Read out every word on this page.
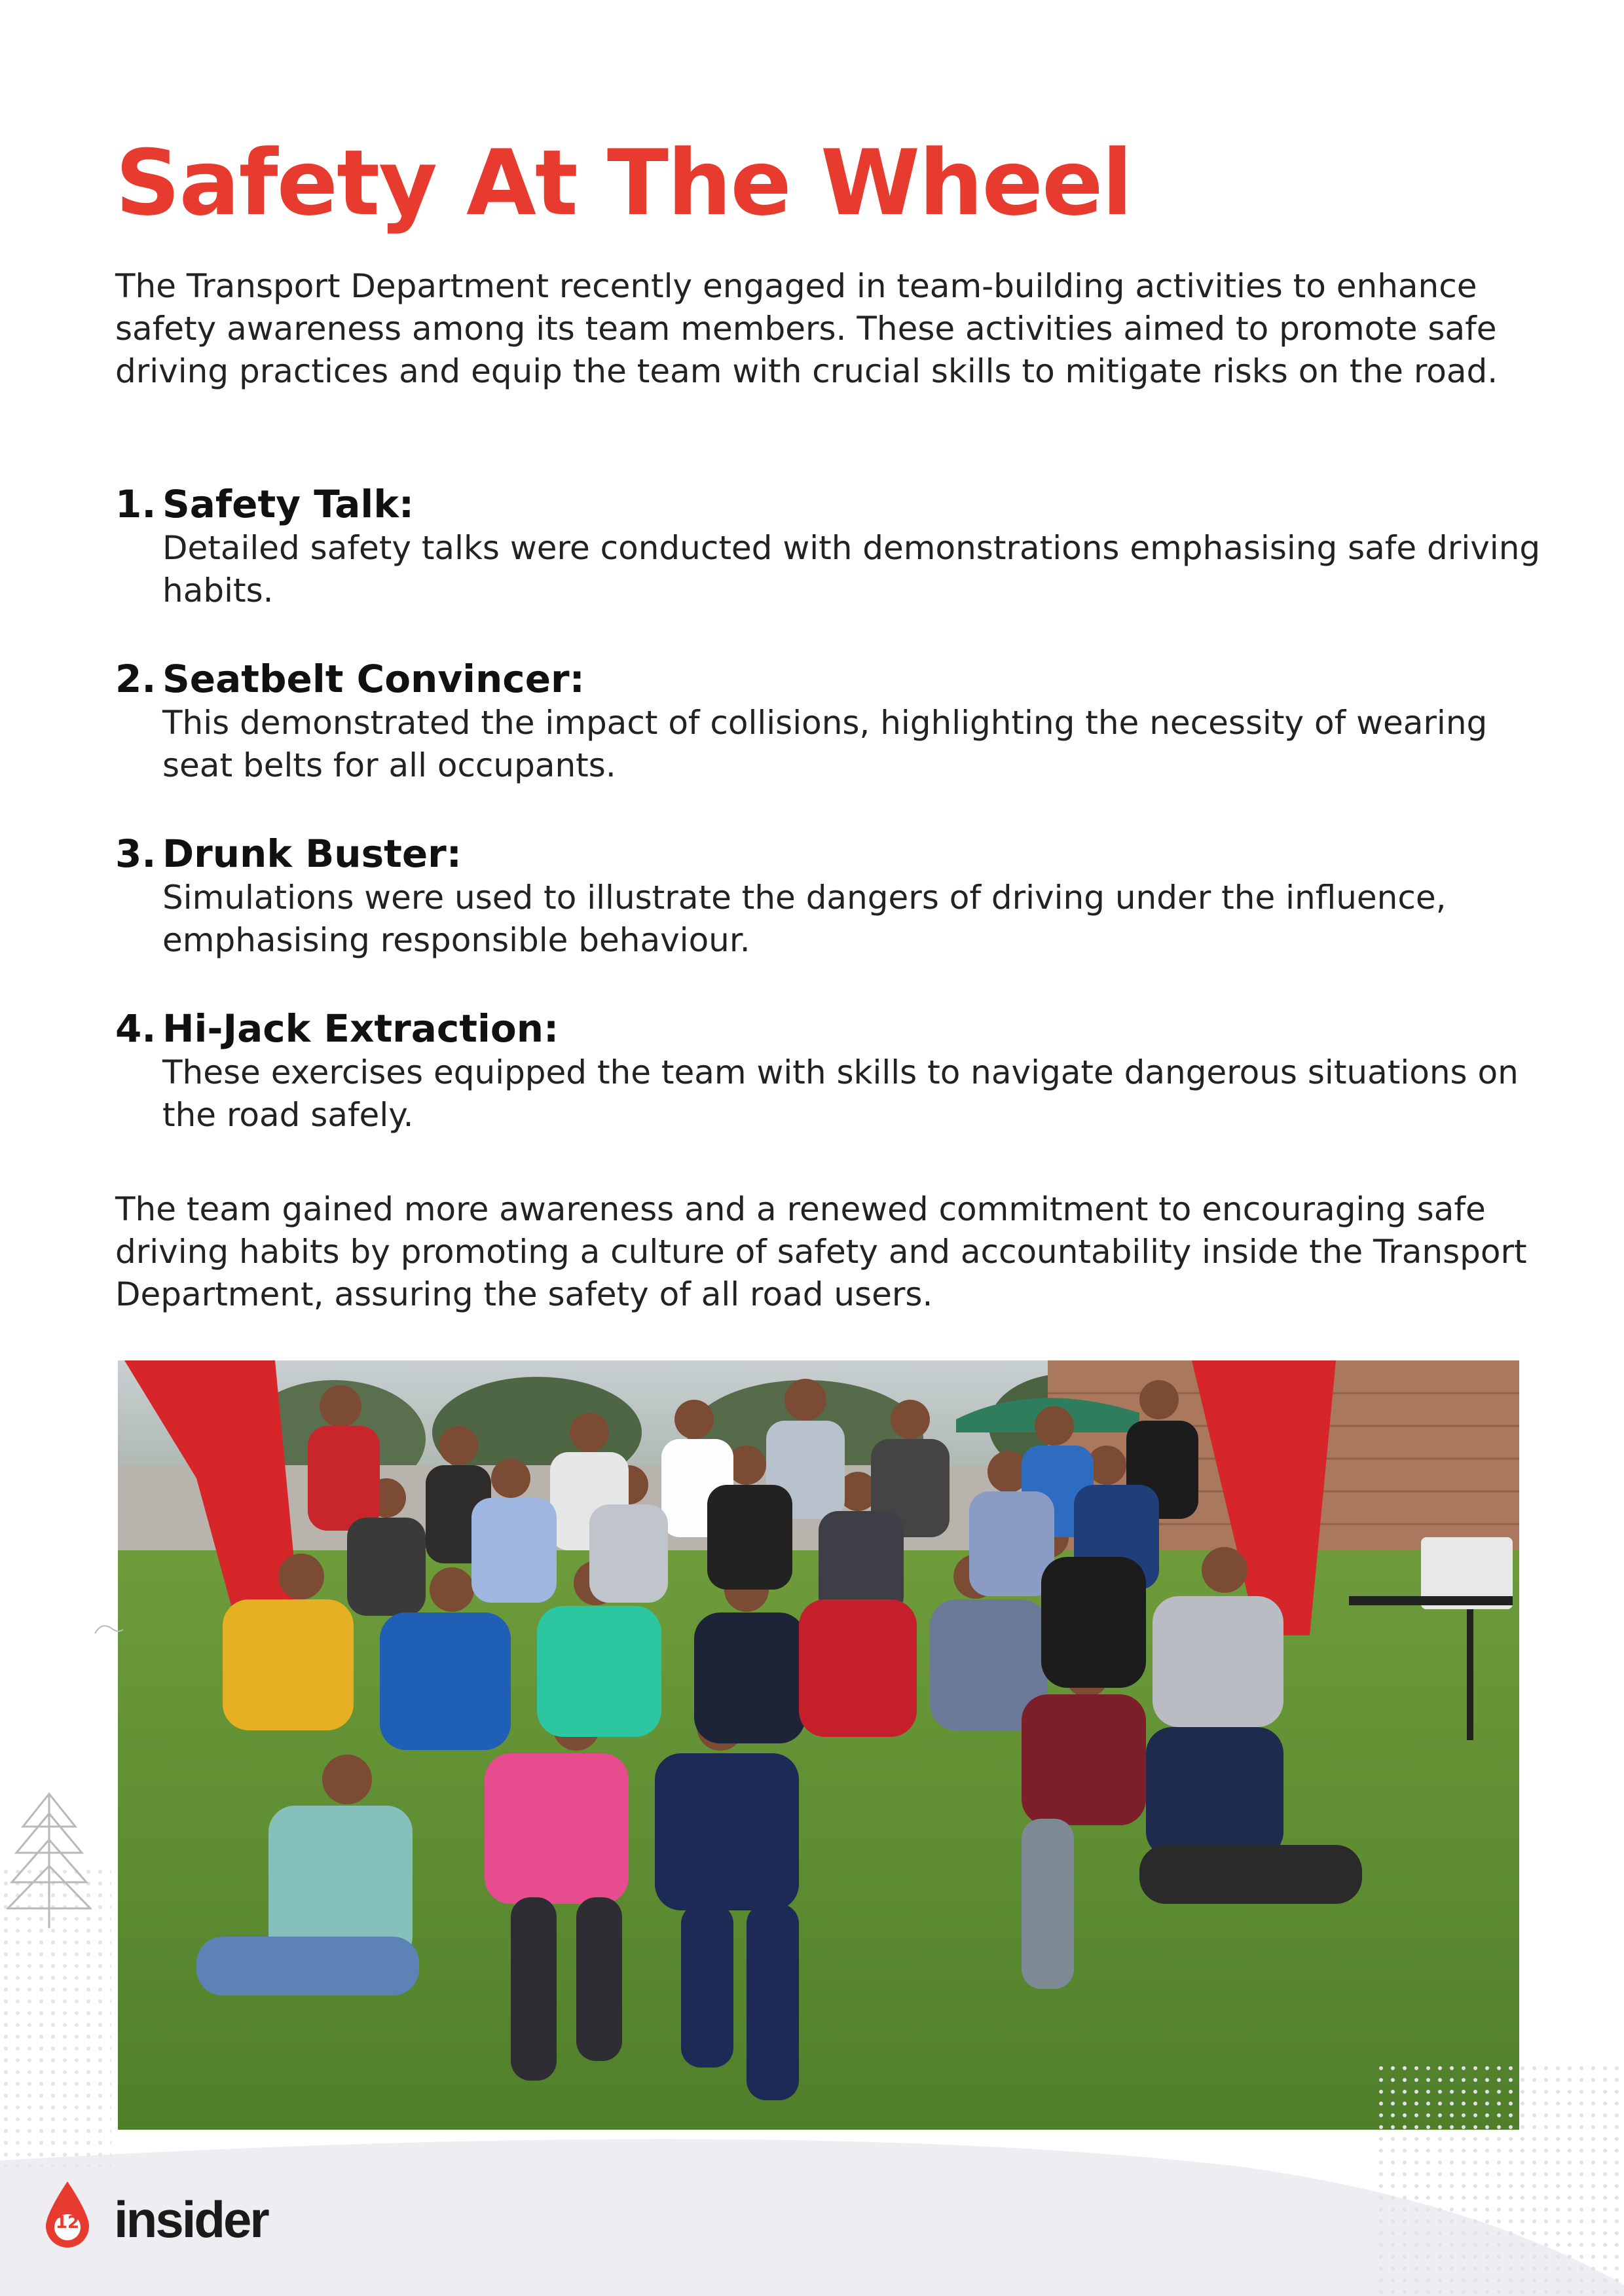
Safety At The Wheel

The Transport Department recently engaged in team-building activities to enhance safety awareness among its team members. These activities aimed to promote safe driving practices and equip the team with crucial skills to mitigate risks on the road.

1. Safety Talk:
Detailed safety talks were conducted with demonstrations emphasising safe driving habits.
2. Seatbelt Convincer:
This demonstrated the impact of collisions, highlighting the necessity of wearing seat belts for all occupants.
3. Drunk Buster:
Simulations were used to illustrate the dangers of driving under the influence, emphasising responsible behaviour.
4. Hi-Jack Extraction:
These exercises equipped the team with skills to navigate dangerous situations on the road safely.

The team gained more awareness and a renewed commitment to encouraging safe driving habits by promoting a culture of safety and accountability inside the Transport Department, assuring the safety of all road users.

12 insider
